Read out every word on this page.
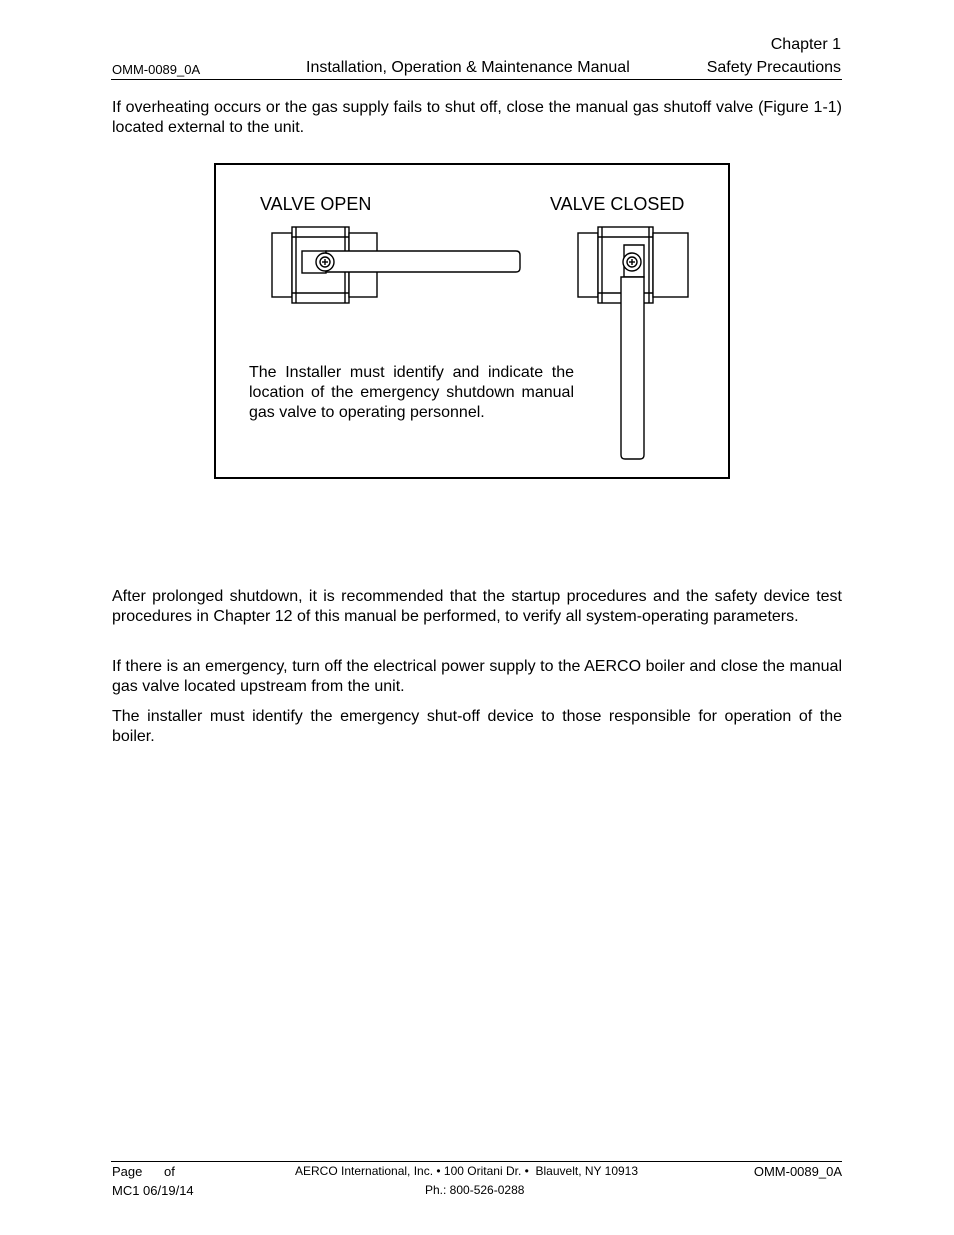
Chapter 1
OMM-0089_0A	Installation, Operation & Maintenance Manual	Safety Precautions
If overheating occurs or the gas supply fails to shut off, close the manual gas shutoff valve (Figure 1-1) located external to the unit.
VALVE OPEN	VALVE CLOSED
The Installer must identify and indicate the location of the emergency shutdown manual gas valve to operating personnel.
After prolonged shutdown, it is recommended that the startup procedures and the safety device test procedures in Chapter 12 of this manual be performed, to verify all system-operating parameters.
If there is an emergency, turn off the electrical power supply to the AERCO boiler and close the manual gas valve located upstream from the unit.
The installer must identify the emergency shut-off device to those responsible for operation of the boiler.
Page      of
MC1 06/19/14
AERCO International, Inc. • 100 Oritani Dr. •  Blauvelt, NY 10913
Ph.: 800-526-0288
OMM-0089_0A
